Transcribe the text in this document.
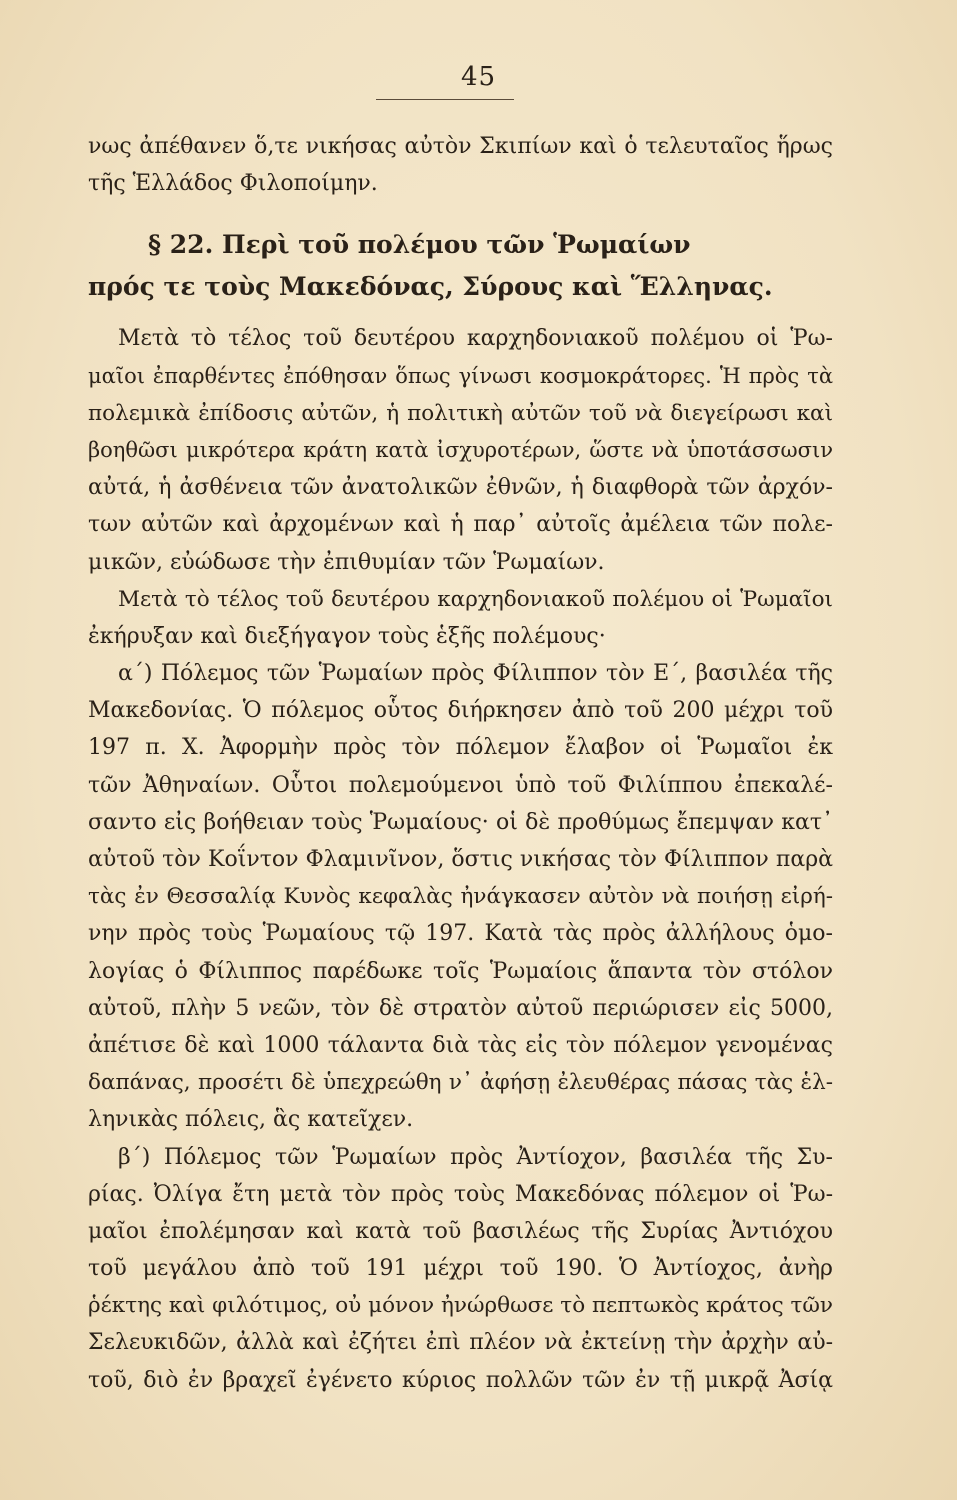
45
νως ἀπέθανεν ὅ,τε νικήσας αὐτὸν Σκιπίων καὶ ὁ τελευταῖος ἥρως
τῆς Ἑλλάδος Φιλοποίμην.
§ 22. Περὶ τοῦ πολέμου τῶν Ῥωμαίων
πρός τε τοὺς Μακεδόνας, Σύρους καὶ Ἕλληνας.
Μετὰ τὸ τέλος τοῦ δευτέρου καρχηδονιακοῦ πολέμου οἱ Ῥω-
μαῖοι ἐπαρθέντες ἐπόθησαν ὅπως γίνωσι κοσμοκράτορες. Ἡ πρὸς τὰ
πολεμικὰ ἐπίδοσις αὐτῶν, ἡ πολιτικὴ αὐτῶν τοῦ νὰ διεγείρωσι καὶ
βοηθῶσι μικρότερα κράτη κατὰ ἰσχυροτέρων, ὥστε νὰ ὑποτάσσωσιν
αὐτά, ἡ ἀσθένεια τῶν ἀνατολικῶν ἐθνῶν, ἡ διαφθορὰ τῶν ἀρχόν-
των αὐτῶν καὶ ἀρχομένων καὶ ἡ παρ᾿ αὐτοῖς ἀμέλεια τῶν πολε-
μικῶν, εὐώδωσε τὴν ἐπιθυμίαν τῶν Ῥωμαίων.
Μετὰ τὸ τέλος τοῦ δευτέρου καρχηδονιακοῦ πολέμου οἱ Ῥωμαῖοι
ἐκήρυξαν καὶ διεξήγαγον τοὺς ἑξῆς πολέμους·
α΄) Πόλεμος τῶν Ῥωμαίων πρὸς Φίλιππον τὸν Ε΄, βασιλέα τῆς
Μακεδονίας. Ὁ πόλεμος οὗτος διήρκησεν ἀπὸ τοῦ 200 μέχρι τοῦ
197 π. Χ. Ἀφορμὴν πρὸς τὸν πόλεμον ἔλαβον οἱ Ῥωμαῖοι ἐκ
τῶν Ἀθηναίων. Οὗτοι πολεμούμενοι ὑπὸ τοῦ Φιλίππου ἐπεκαλέ-
σαντο εἰς βοήθειαν τοὺς Ῥωμαίους· οἱ δὲ προθύμως ἔπεμψαν κατ᾿
αὐτοῦ τὸν Κοΐντον Φλαμινῖνον, ὅστις νικήσας τὸν Φίλιππον παρὰ
τὰς ἐν Θεσσαλίᾳ Κυνὸς κεφαλὰς ἠνάγκασεν αὐτὸν νὰ ποιήσῃ εἰρή-
νην πρὸς τοὺς Ῥωμαίους τῷ 197. Κατὰ τὰς πρὸς ἀλλήλους ὁμο-
λογίας ὁ Φίλιππος παρέδωκε τοῖς Ῥωμαίοις ἅπαντα τὸν στόλον
αὐτοῦ, πλὴν 5 νεῶν, τὸν δὲ στρατὸν αὐτοῦ περιώρισεν εἰς 5000,
ἀπέτισε δὲ καὶ 1000 τάλαντα διὰ τὰς εἰς τὸν πόλεμον γενομένας
δαπάνας, προσέτι δὲ ὑπεχρεώθη ν᾿ ἀφήσῃ ἐλευθέρας πάσας τὰς ἑλ-
ληνικὰς πόλεις, ἃς κατεῖχεν.
β΄) Πόλεμος τῶν Ῥωμαίων πρὸς Ἀντίοχον, βασιλέα τῆς Συ-
ρίας. Ὀλίγα ἔτη μετὰ τὸν πρὸς τοὺς Μακεδόνας πόλεμον οἱ Ῥω-
μαῖοι ἐπολέμησαν καὶ κατὰ τοῦ βασιλέως τῆς Συρίας Ἀντιόχου
τοῦ μεγάλου ἀπὸ τοῦ 191 μέχρι τοῦ 190. Ὁ Ἀντίοχος, ἀνὴρ
ῥέκτης καὶ φιλότιμος, οὐ μόνον ἠνώρθωσε τὸ πεπτωκὸς κράτος τῶν
Σελευκιδῶν, ἀλλὰ καὶ ἐζήτει ἐπὶ πλέον νὰ ἐκτείνῃ τὴν ἀρχὴν αὐ-
τοῦ, διὸ ἐν βραχεῖ ἐγένετο κύριος πολλῶν τῶν ἐν τῇ μικρᾷ Ἀσίᾳ
